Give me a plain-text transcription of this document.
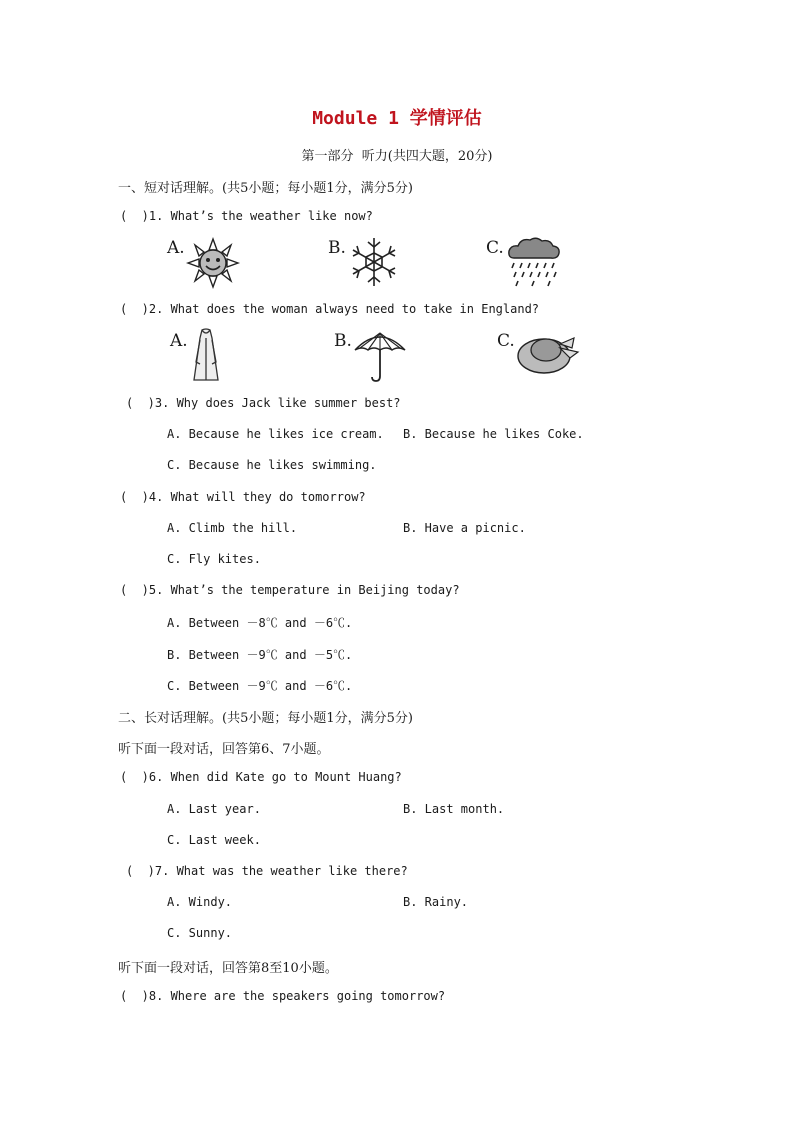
Module 1 学情评估
第一部分  听力(共四大题，20分)
一、短对话理解。(共5小题；每小题1分，满分5分)
(  )1. What’s the weather like now?
A.	B.	C.
(  )2. What does the woman always need to take in England?
A.	B.	C.
(  )3. Why does Jack like summer best?
A. Because he likes ice cream. B. Because he likes Coke.
C. Because he likes swimming.
(  )4. What will they do tomorrow?
A. Climb the hill.	B. Have a picnic.
C. Fly kites.
(  )5. What’s the temperature in Beijing today?
A. Between －8℃ and －6℃.
B. Between －9℃ and －5℃.
C. Between －9℃ and －6℃.
二、长对话理解。(共5小题；每小题1分，满分5分)
听下面一段对话，回答第6、7小题。
(  )6. When did Kate go to Mount Huang?
A. Last year.	B. Last month.
C. Last week.
(  )7. What was the weather like there?
A. Windy.	B. Rainy.
C. Sunny.
听下面一段对话，回答第8至10小题。
(  )8. Where are the speakers going tomorrow?
